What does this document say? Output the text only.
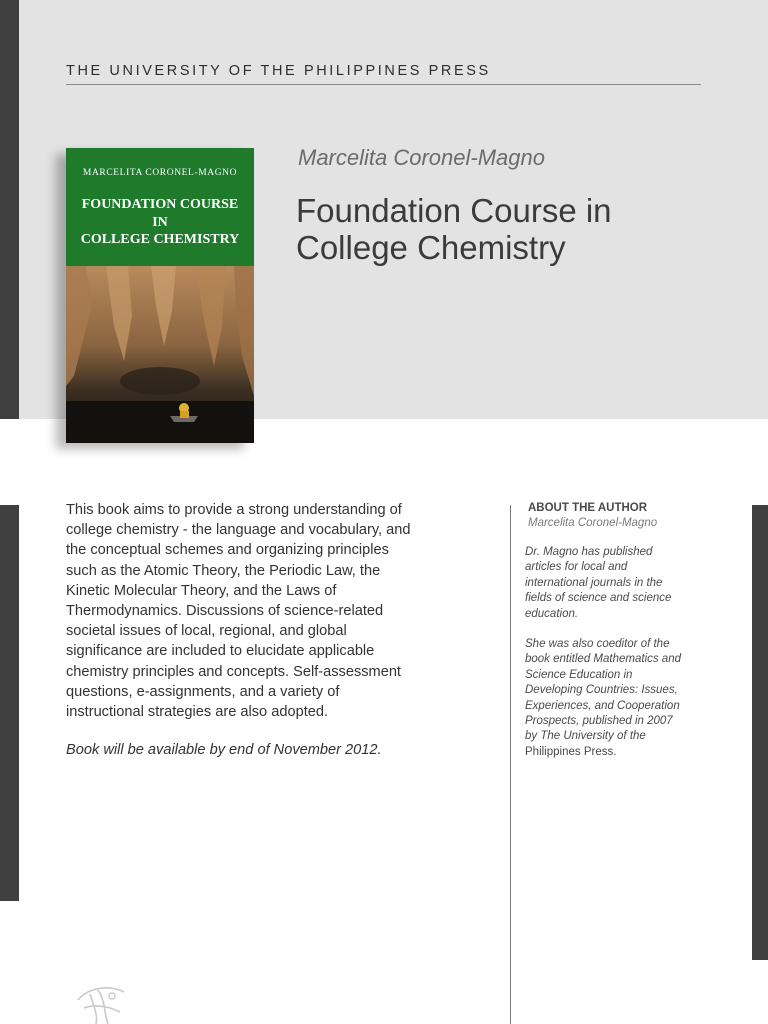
THE UNIVERSITY OF THE PHILIPPINES PRESS
MARCELITA CORONEL-MAGNO
FOUNDATION COURSE
IN
COLLEGE CHEMISTRY
Marcelita Coronel-Magno
Foundation Course in
College Chemistry

This book aims to provide a strong understanding of

college chemistry - the language and vocabulary, and

the conceptual schemes and organizing principles

such as the Atomic Theory, the Periodic Law, the

Kinetic Molecular Theory, and the Laws of

Thermodynamics. Discussions of science-related

societal issues of local, regional, and global

significance are included to elucidate applicable

chemistry principles and concepts. Self-assessment

questions, e-assignments, and a variety of

instructional strategies are also adopted.

Book will be available by end of November 2012.
ABOUT THE AUTHOR
Marcelita Coronel-Magno
Dr. Magno has published
articles for local and
international journals in the
fields of science and science
education.
She was also coeditor of the
book entitled Mathematics and
Science Education in
Developing Countries: Issues,
Experiences, and Cooperation
Prospects, published in 2007
by The University of the
Philippines Press.
